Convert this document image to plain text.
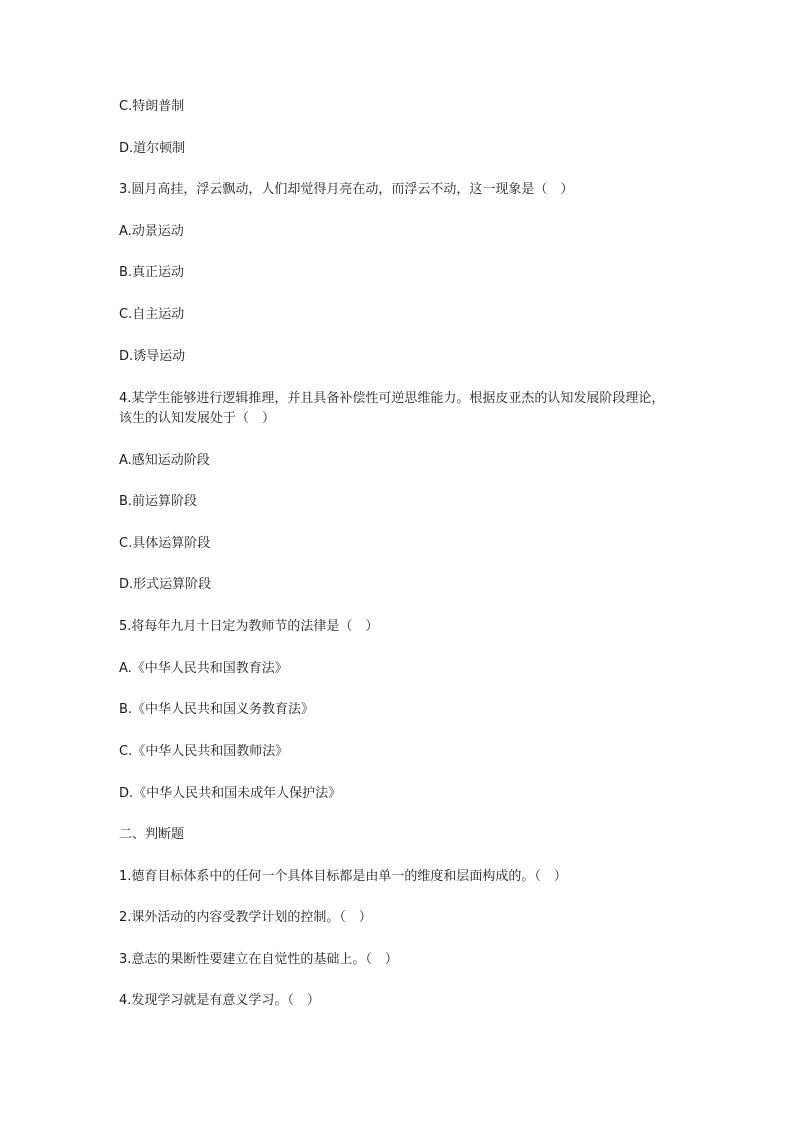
C.特朗普制
D.道尔顿制
3.圆月高挂，浮云飘动，人们却觉得月亮在动，而浮云不动，这一现象是（　）
A.动景运动
B.真正运动
C.自主运动
D.诱导运动
4.某学生能够进行逻辑推理，并且具备补偿性可逆思维能力。根据皮亚杰的认知发展阶段理论，该生的认知发展处于（　）
A.感知运动阶段
B.前运算阶段
C.具体运算阶段
D.形式运算阶段
5.将每年九月十日定为教师节的法律是（　）
A.《中华人民共和国教育法》
B.《中华人民共和国义务教育法》
C.《中华人民共和国教师法》
D.《中华人民共和国未成年人保护法》
二、判断题
1.德育目标体系中的任何一个具体目标都是由单一的维度和层面构成的。（　）
2.课外活动的内容受教学计划的控制。（　）
3.意志的果断性要建立在自觉性的基础上。（　）
4.发现学习就是有意义学习。（　）
